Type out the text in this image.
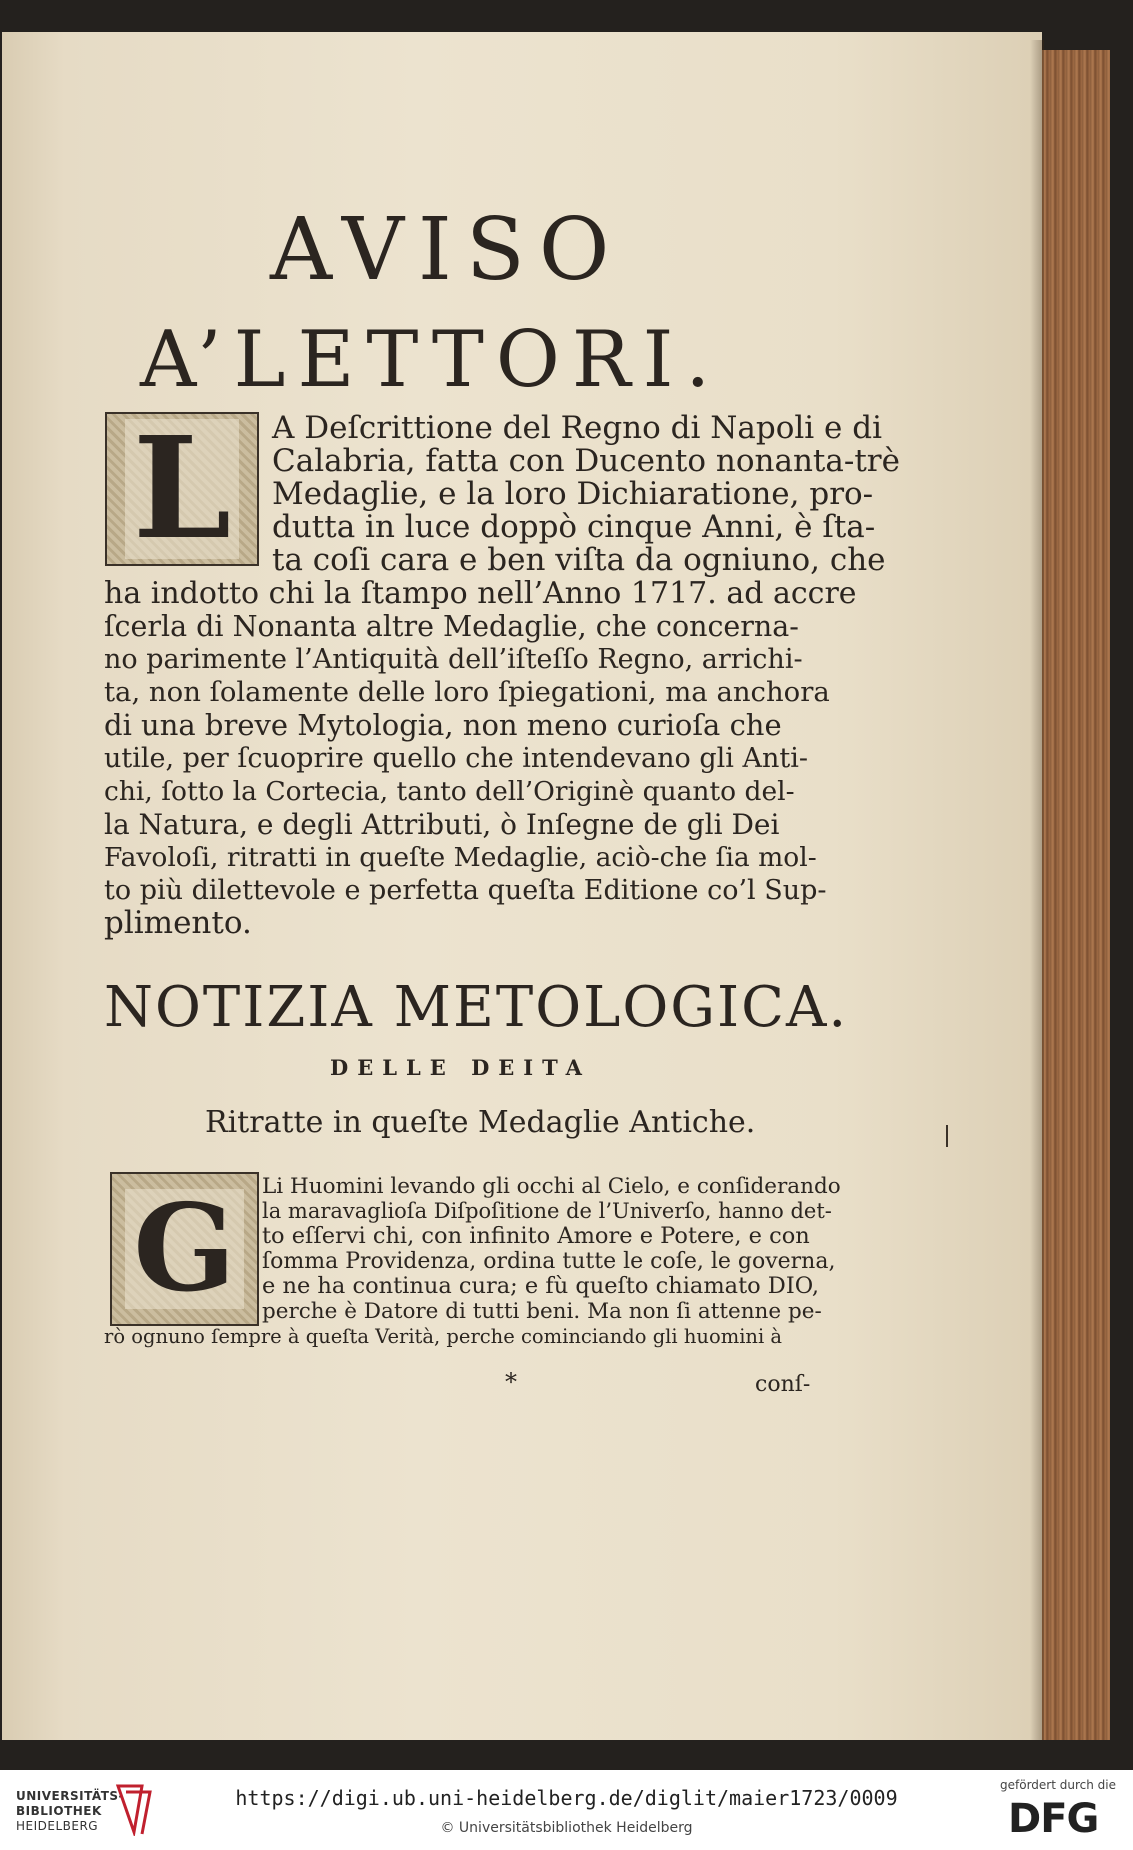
AVISO
A’LETTORI.
L A Deſcrittione del Regno di Napoli e di
Calabria, fatta con Ducento nonanta-trè
Medaglie, e la loro Dichiaratione, pro-
dutta in luce doppò cinque Anni, è ſta-
ta coſi cara e ben viſta da ogniuno, che
ha indotto chi la ſtampo nell’Anno 1717. ad accre
ſcerla di Nonanta altre Medaglie, che concerna-
no parimente l’Antiquità dell’iſteſſo Regno, arrichi-
ta, non ſolamente delle loro ſpiegationi, ma anchora
di una breve Mytologia, non meno curioſa che
utile, per ſcuoprire quello che intendevano gli Anti-
chi, ſotto la Cortecia, tanto dell’Originè quanto del-
la Natura, e degli Attributi, ò Inſegne de gli Dei
Favoloſi, ritratti in queſte Medaglie, aciò-che ſia mol-
to più dilettevole e perfetta queſta Editione co’l Sup-
plimento.
NOTIZIA METOLOGICA.
DELLE DEITA
Ritratte in queſte Medaglie Antiche.
G	Li Huomini levando gli occhi al Cielo, e conſiderando
la maravaglioſa Diſpoſitione de l’Univerſo, hanno det-
to eſſervi chi, con infinito Amore e Potere, e con
ſomma Providenza, ordina tutte le coſe, le governa,
e ne ha continua cura; e fù queſto chiamato DIO,
perche è Datore di tutti beni. Ma non ſi attenne pe-
rò ognuno ſempre à queſta Verità, perche cominciando gli huomini à
*	conſ-
UNIVERSITÄTS-
BIBLIOTHEK
HEIDELBERG
https://digi.ub.uni-heidelberg.de/diglit/maier1723/0009
© Universitätsbibliothek Heidelberg
gefördert durch die
DFG
